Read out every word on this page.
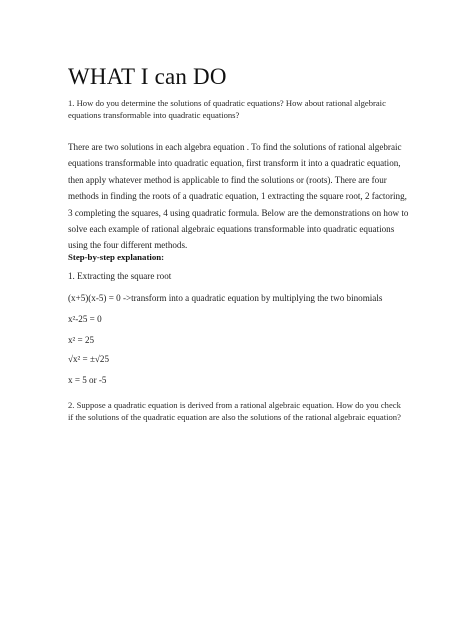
WHAT I can DO
1. How do you determine the solutions of quadratic equations? How about rational algebraic equations transformable into quadratic equations?
There are two solutions in each algebra equation . To find the solutions of rational algebraic equations transformable into quadratic equation, first transform it into a quadratic equation, then apply whatever method is applicable to find the solutions or (roots). There are four methods in finding the roots of a quadratic equation, 1 extracting the square root, 2 factoring, 3 completing the squares, 4 using quadratic formula. Below are the demonstrations on how to solve each example of rational algebraic equations transformable into quadratic equations using the four different methods.
Step-by-step explanation:
1. Extracting the square root
(x+5)(x-5) = 0 ->transform into a quadratic equation by multiplying the two binomials
x²-25 = 0
x² = 25
√x² = ±√25
x = 5 or -5
2. Suppose a quadratic equation is derived from a rational algebraic equation. How do you check if the solutions of the quadratic equation are also the solutions of the rational algebraic equation?
